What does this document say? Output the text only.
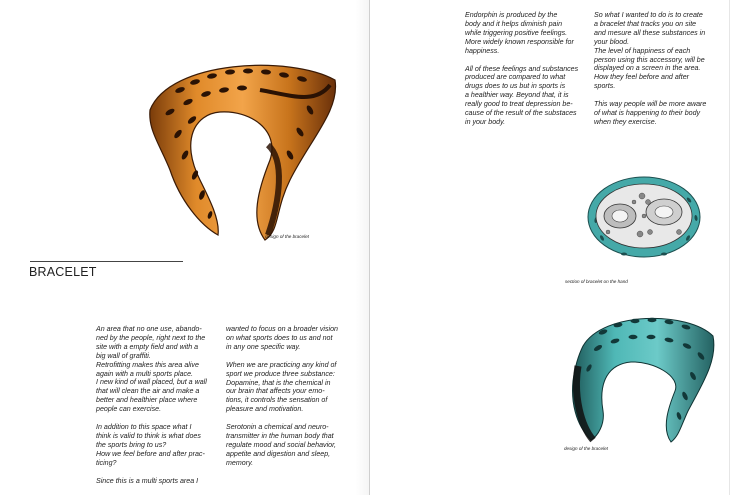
design of the bracelet
BRACELET

An area that no one use, abando-
ned by the people, right next to the
site with a empty field and with a
big wall of graffiti.
Retrofitting makes this area alive
again with a multi sports place.
I new kind of wall placed, but a wall
that will clean the air and make a
better and healthier place where
people can exercise.

In addition to this space what I
think is valid to think is what does
the sports bring to us?
How we feel before and after prac-
ticing?

Since this is a multi sports area I

wanted to focus on a broader vision
on what sports does to us and not
in any one specific way.

When we are practicing any kind of
sport we produce three substance:
Dopamine, that is the chemical in
our brain that affects your emo-
tions, it controls the sensation of
pleasure and motivation.

Serotonin a chemical and neuro-
transmitter in the human body that
regulate mood and social behavior,
appetite and digestion and sleep,
memory.

Endorphin is produced by the
body and it helps diminish pain
while triggering positive feelings.
More widely known responsible for
happiness.

All of these feelings and substances
produced are compared to what
drugs does to us but in sports is
a healthier way. Beyond that, it is
really good to treat depression be-
cause of the result of the substaces
in your body.

So what I wanted to do is to create
a bracelet that tracks you on site
and mesure all these substances in
your blood.
The level of happiness of each
person using this accessory, will be
displayed on a screen in the area.
How they feel before and after
sports.

This way people will be more aware
of what is happening to their body
when they exercise.

section of bracelet on the hand
design of the bracelet
